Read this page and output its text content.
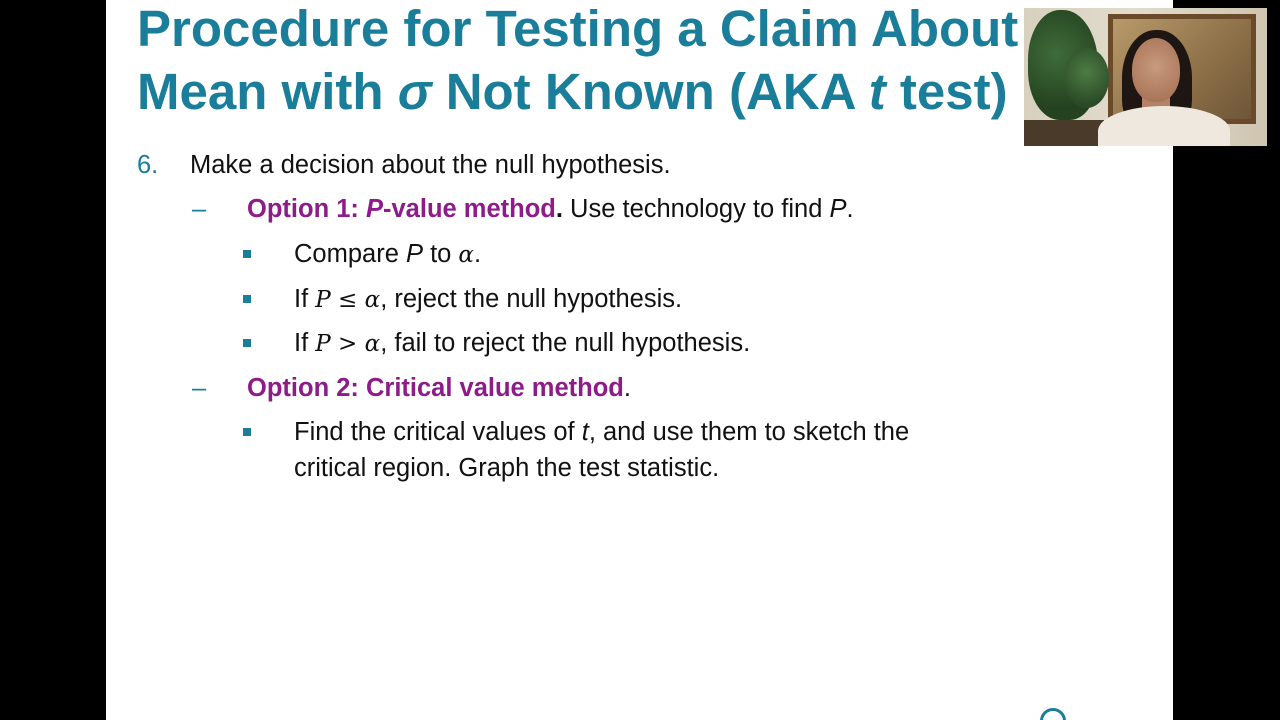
Procedure for Testing a Claim About
Mean with σ Not Known (AKA t test)
6. Make a decision about the null hypothesis.
– Option 1: P-value method. Use technology to find P.
Compare P to α.
If P ≤ α, reject the null hypothesis.
If P > α, fail to reject the null hypothesis.
– Option 2: Critical value method.
Find the critical values of t, and use them to sketch the
critical region. Graph the test statistic.
